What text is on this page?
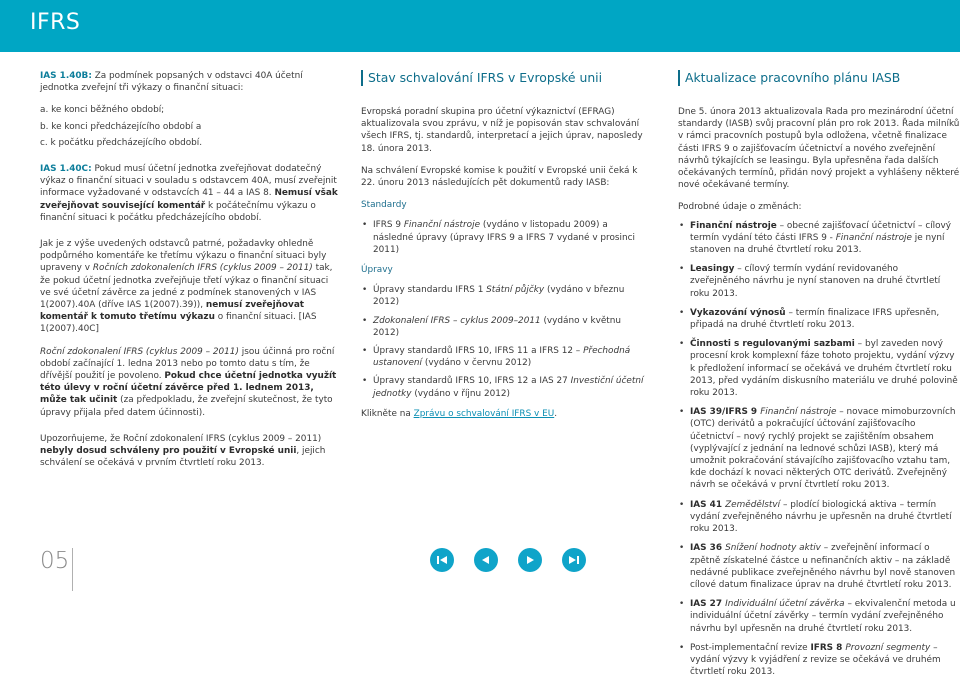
IFRS

IAS 1.40B: Za podmínek popsaných v odstavci 40A účetní jednotka zveřejní tři výkazy o finanční situaci:

a. ke konci běžného období;

b. ke konci předcházejícího období a

c. k počátku předcházejícího období.

IAS 1.40C: Pokud musí účetní jednotka zveřejňovat dodatečný výkaz o finanční situaci v souladu s odstavcem 40A, musí zveřejnit informace vyžadované v odstavcích 41 – 44 a IAS 8. Nemusí však zveřejňovat související komentář k počátečnímu výkazu o finanční situaci k počátku předcházejícího období.

Jak je z výše uvedených odstavců patrné, požadavky ohledně podpůrného komentáře ke třetímu výkazu o finanční situaci byly upraveny v Ročních zdokonaleních IFRS (cyklus 2009 – 2011) tak, že pokud účetní jednotka zveřejňuje třetí výkaz o finanční situaci ve své účetní závěrce za jedné z podmínek stanovených v IAS 1(2007).40A (dříve IAS 1(2007).39)), nemusí zveřejňovat komentář k tomuto třetímu výkazu o finanční situaci. [IAS 1(2007).40C]

Roční zdokonalení IFRS (cyklus 2009 – 2011) jsou účinná pro roční období začínající 1. ledna 2013 nebo po tomto datu s tím, že dřívější použití je povoleno. Pokud chce účetní jednotka využít této úlevy v roční účetní závěrce před 1. lednem 2013, může tak učinit (za předpokladu, že zveřejní skutečnost, že tyto úpravy přijala před datem účinnosti).

Upozorňujeme, že Roční zdokonalení IFRS (cyklus 2009 – 2011) nebyly dosud schváleny pro použití v Evropské unii, jejich schválení se očekává v prvním čtvrtletí roku 2013.

Stav schvalování IFRS v Evropské unii

Evropská poradní skupina pro účetní výkaznictví (EFRAG) aktualizovala svou zprávu, v níž je popisován stav schvalování všech IFRS, tj. standardů, interpretací a jejich úprav, naposledy 18. února 2013.

Na schválení Evropské komise k použití v Evropské unii čeká k 22. únoru 2013 následujících pět dokumentů rady IASB:

Standardy
• IFRS 9 Finanční nástroje (vydáno v listopadu 2009) a následné úpravy (úpravy IFRS 9 a IFRS 7 vydané v prosinci 2011)
Úpravy
• Úpravy standardu IFRS 1 Státní půjčky (vydáno v březnu 2012)
• Zdokonalení IFRS – cyklus 2009–2011 (vydáno v květnu 2012)
• Úpravy standardů IFRS 10, IFRS 11 a IFRS 12 – Přechodná ustanovení (vydáno v červnu 2012)
• Úpravy standardů IFRS 10, IFRS 12 a IAS 27 Investiční účetní jednotky (vydáno v říjnu 2012)

Klikněte na Zprávu o schvalování IFRS v EU.

Aktualizace pracovního plánu IASB

Dne 5. února 2013 aktualizovala Rada pro mezinárodní účetní standardy (IASB) svůj pracovní plán pro rok 2013. Řada milníků v rámci pracovních postupů byla odložena, včetně finalizace části IFRS 9 o zajišťovacím účetnictví a nového zveřejnění návrhů týkajících se leasingu. Byla upřesněna řada dalších očekávaných termínů, přidán nový projekt a vyhlášeny některé nové očekávané termíny.

Podrobné údaje o změnách:

• Finanční nástroje – obecné zajišťovací účetnictví – cílový termín vydání této části IFRS 9 - Finanční nástroje je nyní stanoven na druhé čtvrtletí roku 2013.
• Leasingy – cílový termín vydání revidovaného zveřejněného návrhu je nyní stanoven na druhé čtvrtletí roku 2013.
• Vykazování výnosů – termín finalizace IFRS upřesněn, připadá na druhé čtvrtletí roku 2013.
• Činnosti s regulovanými sazbami – byl zaveden nový procesní krok komplexní fáze tohoto projektu, vydání výzvy k předložení informací se očekává ve druhém čtvrtletí roku 2013, před vydáním diskusního materiálu ve druhé polovině roku 2013.
• IAS 39/IFRS 9 Finanční nástroje – novace mimoburzovních (OTC) derivátů a pokračující účtování zajišťovacího účetnictví – nový rychlý projekt se zajištěním obsahem (vyplývající z jednání na lednové schůzi IASB), který má umožnit pokračování stávajícího zajišťovacího vztahu tam, kde dochází k novaci některých OTC derivátů. Zveřejněný návrh se očekává v první čtvrtletí roku 2013.
• IAS 41 Zemědělství – plodící biologická aktiva – termín vydání zveřejněného návrhu je upřesněn na druhé čtvrtletí roku 2013.
• IAS 36 Snížení hodnoty aktiv – zveřejnění informací o zpětně získatelné částce u nefinančních aktiv – na základě nedávné publikace zveřejněného návrhu byl nově stanoven cílové datum finalizace úprav na druhé čtvrtletí roku 2013.
• IAS 27 Individuální účetní závěrka – ekvivalenční metoda u individuální účetní závěrky – termín vydání zveřejněného návrhu byl upřesněn na druhé čtvrtletí roku 2013.
• Post-implementační revize IFRS 8 Provozní segmenty – vydání výzvy k vyjádření z revize se očekává ve druhém čtvrtletí roku 2013.
05
